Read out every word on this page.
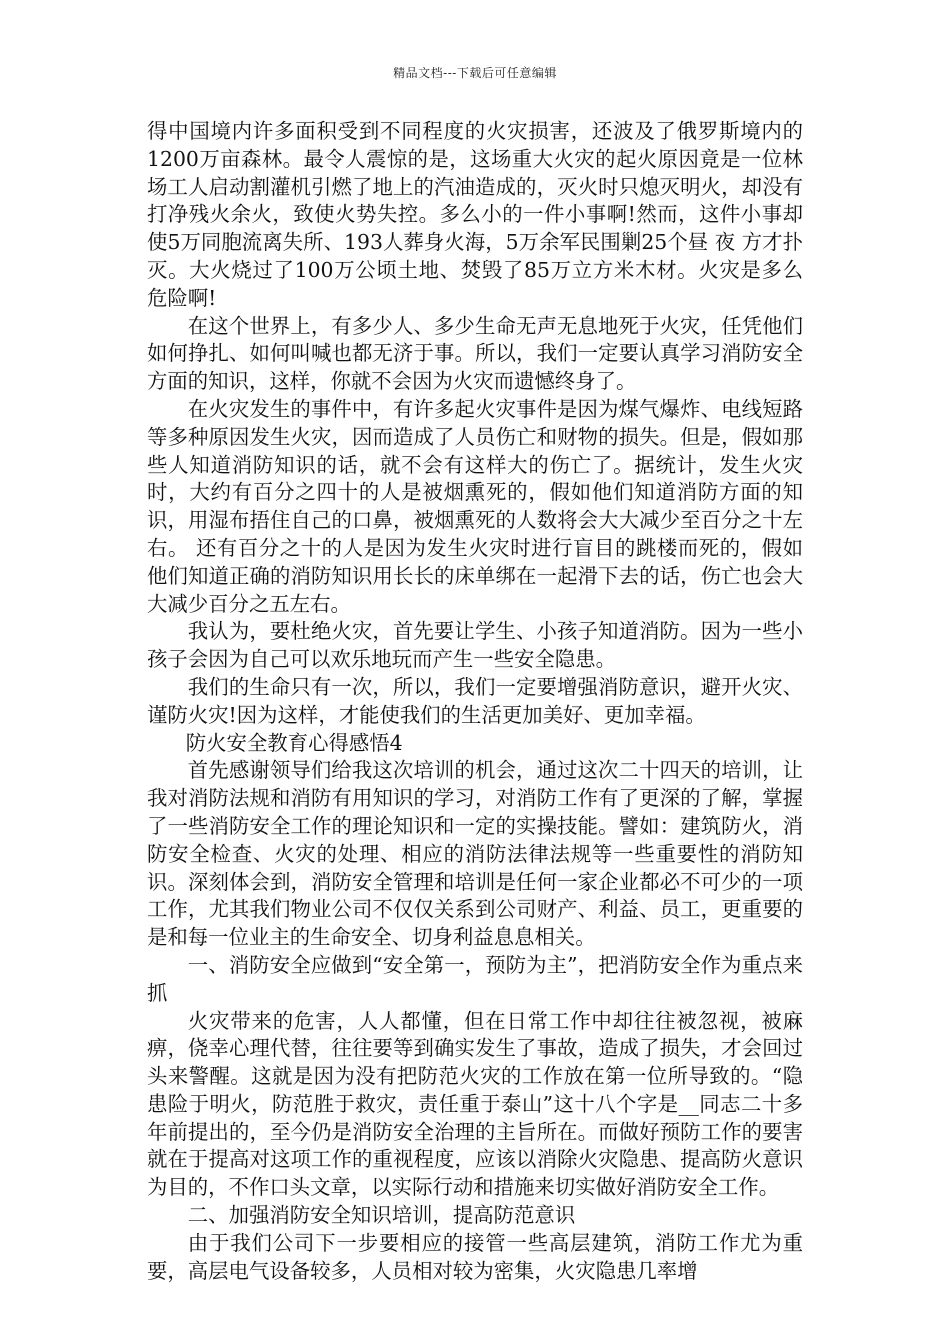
精品文档---下载后可任意编辑

得中国境内许多面积受到不同程度的火灾损害，还波及了俄罗斯境内的1200万亩森林。最令人震惊的是，这场重大火灾的起火原因竟是一位林场工人启动割灌机引燃了地上的汽油造成的，灭火时只熄灭明火，却没有打净残火余火，致使火势失控。多么小的一件小事啊!然而，这件小事却使5万同胞流离失所、193人葬身火海，5万余军民围剿25个昼 夜 方才扑灭。大火烧过了100万公顷土地、焚毁了85万立方米木材。火灾是多么危险啊!

在这个世界上，有多少人、多少生命无声无息地死于火灾，任凭他们如何挣扎、如何叫喊也都无济于事。所以，我们一定要认真学习消防安全方面的知识，这样，你就不会因为火灾而遗憾终身了。

在火灾发生的事件中，有许多起火灾事件是因为煤气爆炸、电线短路等多种原因发生火灾，因而造成了人员伤亡和财物的损失。但是，假如那些人知道消防知识的话，就不会有这样大的伤亡了。据统计，发生火灾时，大约有百分之四十的人是被烟熏死的，假如他们知道消防方面的知识，用湿布捂住自己的口鼻，被烟熏死的人数将会大大减少至百分之十左右。 还有百分之十的人是因为发生火灾时进行盲目的跳楼而死的，假如他们知道正确的消防知识用长长的床单绑在一起滑下去的话，伤亡也会大大减少百分之五左右。

我认为，要杜绝火灾，首先要让学生、小孩子知道消防。因为一些小孩子会因为自己可以欢乐地玩而产生一些安全隐患。

我们的生命只有一次，所以，我们一定要增强消防意识，避开火灾、谨防火灾!因为这样，才能使我们的生活更加美好、更加幸福。

防火安全教育心得感悟4

首先感谢领导们给我这次培训的机会，通过这次二十四天的培训，让我对消防法规和消防有用知识的学习，对消防工作有了更深的了解，掌握了一些消防安全工作的理论知识和一定的实操技能。譬如：建筑防火，消防安全检查、火灾的处理、相应的消防法律法规等一些重要性的消防知识。深刻体会到，消防安全管理和培训是任何一家企业都必不可少的一项工作，尤其我们物业公司不仅仅关系到公司财产、利益、员工，更重要的是和每一位业主的生命安全、切身利益息息相关。

一、消防安全应做到“安全第一，预防为主”，把消防安全作为重点来抓

火灾带来的危害，人人都懂，但在日常工作中却往往被忽视，被麻痹，侥幸心理代替，往往要等到确实发生了事故，造成了损失，才会回过头来警醒。这就是因为没有把防范火灾的工作放在第一位所导致的。“隐患险于明火，防范胜于救灾，责任重于泰山”这十八个字是__同志二十多年前提出的，至今仍是消防安全治理的主旨所在。而做好预防工作的要害就在于提高对这项工作的重视程度，应该以消除火灾隐患、提高防火意识为目的，不作口头文章，以实际行动和措施来切实做好消防安全工作。

二、加强消防安全知识培训，提高防范意识

由于我们公司下一步要相应的接管一些高层建筑，消防工作尤为重要，高层电气设备较多，人员相对较为密集，火灾隐患几率增
